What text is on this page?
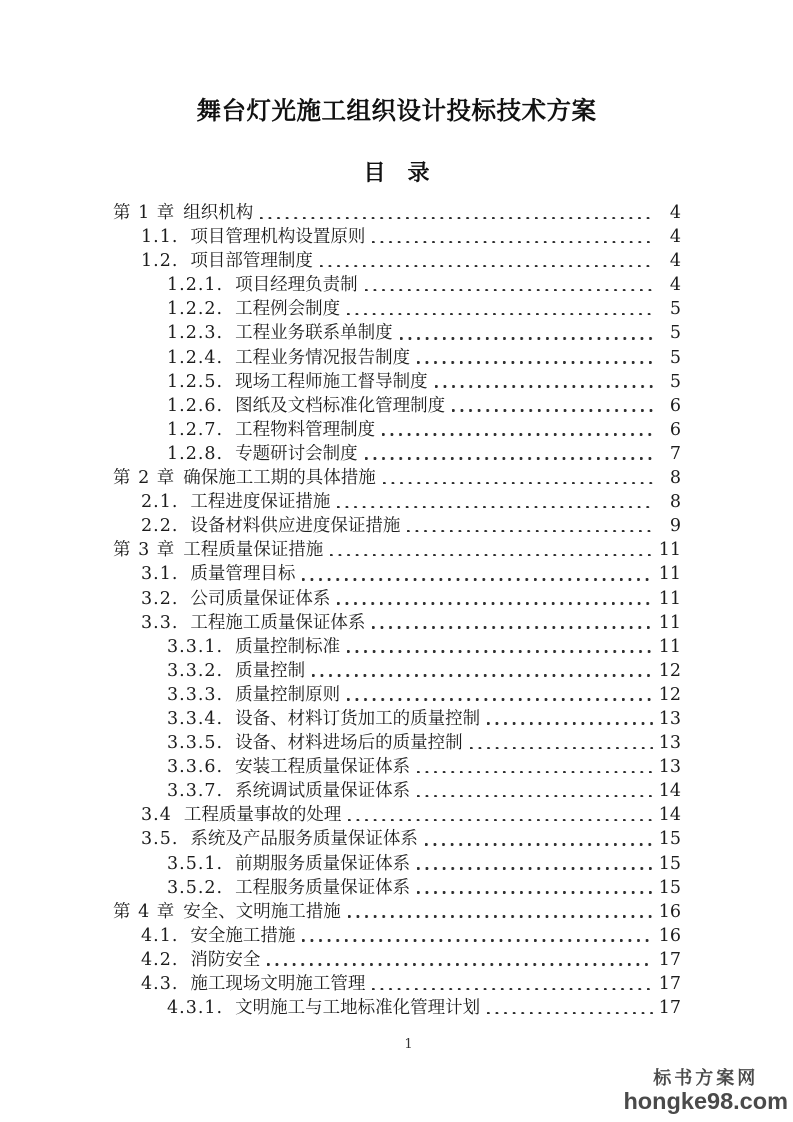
舞台灯光施工组织设计投标技术方案
目　录
第 1 章 组织机构	4
1.1. 项目管理机构设置原则	4
1.2. 项目部管理制度	4
1.2.1. 项目经理负责制	4
1.2.2. 工程例会制度	5
1.2.3. 工程业务联系单制度	5
1.2.4. 工程业务情况报告制度	5
1.2.5. 现场工程师施工督导制度	5
1.2.6. 图纸及文档标准化管理制度	6
1.2.7. 工程物料管理制度	6
1.2.8. 专题研讨会制度	7
第 2 章 确保施工工期的具体措施	8
2.1. 工程进度保证措施	8
2.2. 设备材料供应进度保证措施	9
第 3 章 工程质量保证措施	11
3.1. 质量管理目标	11
3.2. 公司质量保证体系	11
3.3. 工程施工质量保证体系	11
3.3.1. 质量控制标准	11
3.3.2. 质量控制	12
3.3.3. 质量控制原则	12
3.3.4. 设备、材料订货加工的质量控制	13
3.3.5. 设备、材料进场后的质量控制	13
3.3.6. 安装工程质量保证体系	13
3.3.7. 系统调试质量保证体系	14
3.4 工程质量事故的处理	14
3.5. 系统及产品服务质量保证体系	15
3.5.1. 前期服务质量保证体系	15
3.5.2. 工程服务质量保证体系	15
第 4 章 安全、文明施工措施	16
4.1. 安全施工措施	16
4.2. 消防安全	17
4.3. 施工现场文明施工管理	17
4.3.1. 文明施工与工地标准化管理计划	17
1
标书方案网
hongke98.com
